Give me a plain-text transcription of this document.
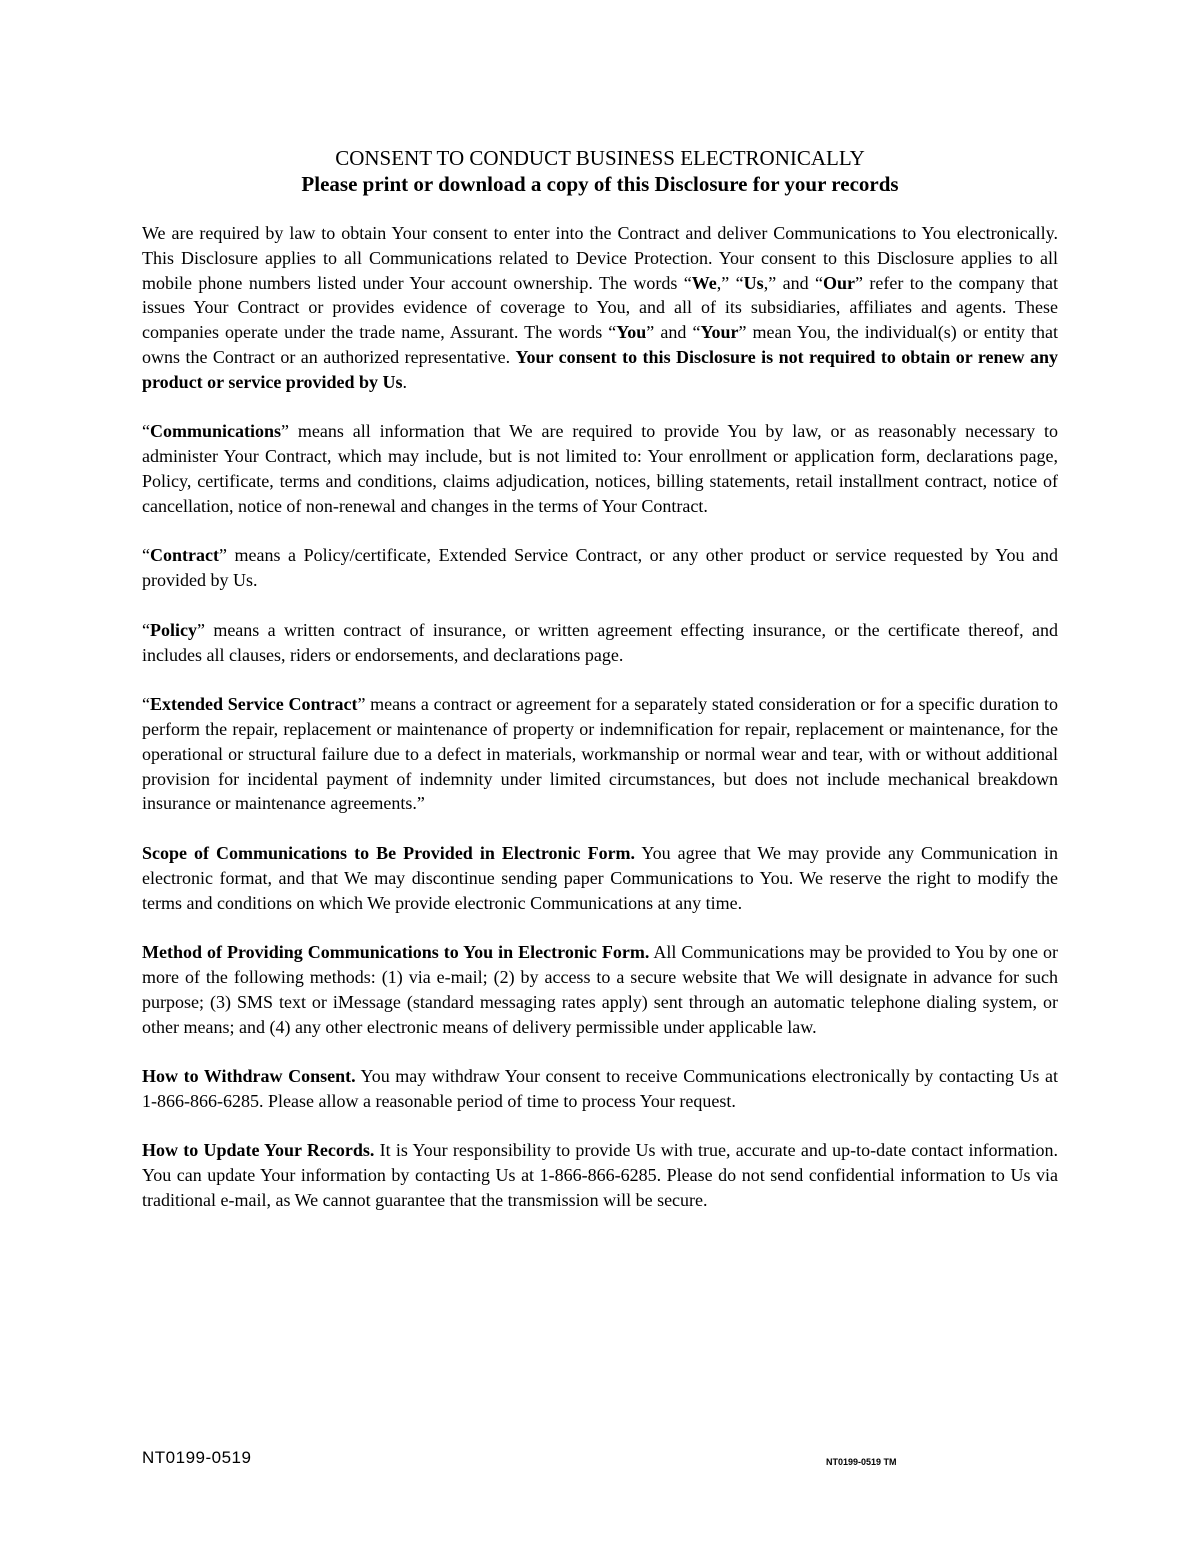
CONSENT TO CONDUCT BUSINESS ELECTRONICALLY

Please print or download a copy of this Disclosure for your records

We are required by law to obtain Your consent to enter into the Contract and deliver Communications to You electronically. This Disclosure applies to all Communications related to Device Protection. Your consent to this Disclosure applies to all mobile phone numbers listed under Your account ownership. The words “We,” “Us,” and “Our” refer to the company that issues Your Contract or provides evidence of coverage to You, and all of its subsidiaries, affiliates and agents. These companies operate under the trade name, Assurant. The words “You” and “Your” mean You, the individual(s) or entity that owns the Contract or an authorized representative. Your consent to this Disclosure is not required to obtain or renew any product or service provided by Us.

“Communications” means all information that We are required to provide You by law, or as reasonably necessary to administer Your Contract, which may include, but is not limited to: Your enrollment or application form, declarations page, Policy, certificate, terms and conditions, claims adjudication, notices, billing statements, retail installment contract, notice of cancellation, notice of non-renewal and changes in the terms of Your Contract.

“Contract” means a Policy/certificate, Extended Service Contract, or any other product or service requested by You and provided by Us.

“Policy” means a written contract of insurance, or written agreement effecting insurance, or the certificate thereof, and includes all clauses, riders or endorsements, and declarations page.

“Extended Service Contract” means a contract or agreement for a separately stated consideration or for a specific duration to perform the repair, replacement or maintenance of property or indemnification for repair, replacement or maintenance, for the operational or structural failure due to a defect in materials, workmanship or normal wear and tear, with or without additional provision for incidental payment of indemnity under limited circumstances, but does not include mechanical breakdown insurance or maintenance agreements.”

Scope of Communications to Be Provided in Electronic Form. You agree that We may provide any Communication in electronic format, and that We may discontinue sending paper Communications to You. We reserve the right to modify the terms and conditions on which We provide electronic Communications at any time.

Method of Providing Communications to You in Electronic Form. All Communications may be provided to You by one or more of the following methods: (1) via e-mail; (2) by access to a secure website that We will designate in advance for such purpose; (3) SMS text or iMessage (standard messaging rates apply) sent through an automatic telephone dialing system, or other means; and (4) any other electronic means of delivery permissible under applicable law.

How to Withdraw Consent. You may withdraw Your consent to receive Communications electronically by contacting Us at 1-866-866-6285. Please allow a reasonable period of time to process Your request.

How to Update Your Records. It is Your responsibility to provide Us with true, accurate and up-to-date contact information. You can update Your information by contacting Us at 1-866-866-6285. Please do not send confidential information to Us via traditional e-mail, as We cannot guarantee that the transmission will be secure.

NT0199-0519	NT0199-0519 TM
